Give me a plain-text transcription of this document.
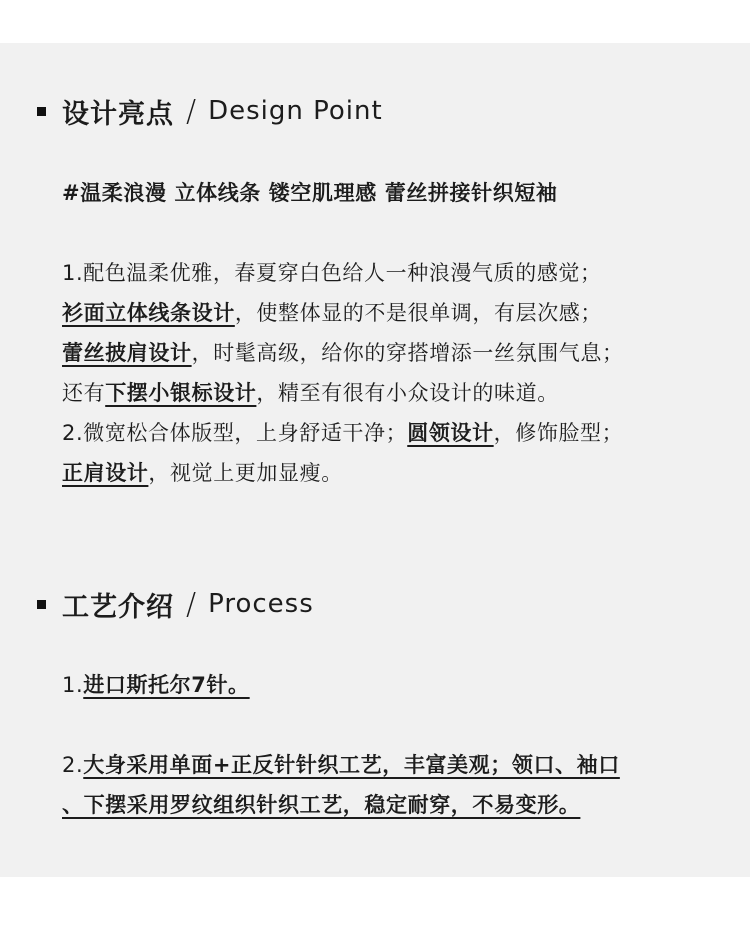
设计亮点 / Design Point
#温柔浪漫 立体线条 镂空肌理感 蕾丝拼接针织短袖
1.配色温柔优雅，春夏穿白色给人一种浪漫气质的感觉；
衫面立体线条设计，使整体显的不是很单调，有层次感；
蕾丝披肩设计，时髦高级，给你的穿搭增添一丝氛围气息；
还有下摆小银标设计，精至有很有小众设计的味道。
2.微宽松合体版型，上身舒适干净；圆领设计，修饰脸型；
正肩设计，视觉上更加显瘦。
工艺介绍 / Process
1.进口斯托尔7针。
2.大身采用单面+正反针针织工艺，丰富美观；领口、袖口
、下摆采用罗纹组织针织工艺，稳定耐穿，不易变形。
